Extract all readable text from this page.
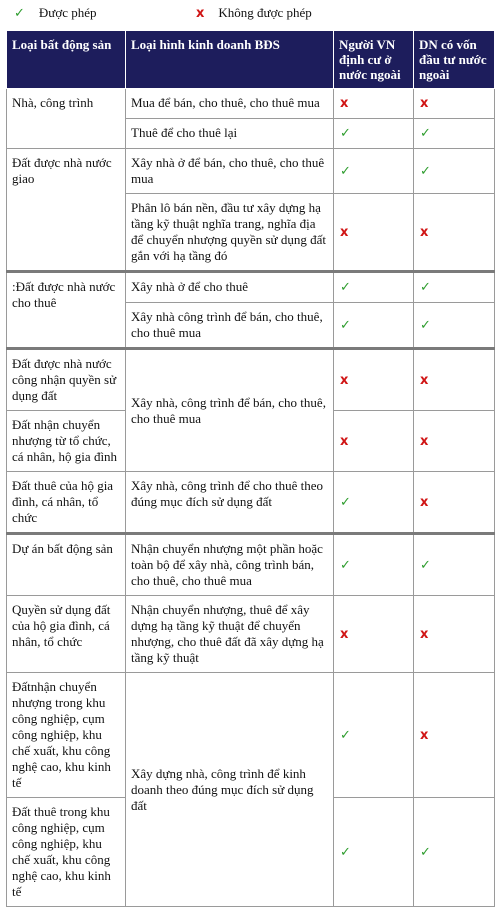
✓ Được phép	x Không được phép
Loại bất động sản	Loại hình kinh doanh BĐS	Người VN định cư ở nước ngoài	DN có vốn đầu tư nước ngoài
Nhà, công trình	Mua để bán, cho thuê, cho thuê mua	x	x
	Thuê để cho thuê lại	✓	✓
Đất được nhà nước giao	Xây nhà ở để bán, cho thuê, cho thuê mua	✓	✓
	Phân lô bán nền, đầu tư xây dựng hạ tầng kỹ thuật nghĩa trang, nghĩa địa để chuyển nhượng quyền sử dụng đất gắn với hạ tầng đó	x	x
:Đất được nhà nước cho thuê	Xây nhà ở để cho thuê	✓	✓
	Xây nhà công trình để bán, cho thuê, cho thuê mua	✓	✓
Đất được nhà nước công nhận quyền sử dụng đất	Xây nhà, công trình để bán, cho thuê, cho thuê mua	x	x
Đất nhận chuyển nhượng từ tổ chức, cá nhân, hộ gia đình		x	x
Đất thuê của hộ gia đình, cá nhân, tổ chức	Xây nhà, công trình để cho thuê theo đúng mục đích sử dụng đất	✓	x
Dự án bất động sản	Nhận chuyển nhượng một phần hoặc toàn bộ để xây nhà, công trình bán, cho thuê, cho thuê mua	✓	✓
Quyền sử dụng đất của hộ gia đình, cá nhân, tổ chức	Nhận chuyển nhượng, thuê để xây dựng hạ tầng kỹ thuật để chuyển nhượng, cho thuê đất đã xây dựng hạ tầng kỹ thuật	x	x
Đấtnhận chuyển nhượng trong khu công nghiệp, cụm công nghiệp, khu chế xuất, khu công nghệ cao, khu kinh tế	Xây dựng nhà, công trình để kinh doanh theo đúng mục đích sử dụng đất	✓	x
Đất thuê trong khu công nghiệp, cụm công nghiệp, khu chế xuất, khu công nghệ cao, khu kinh tế		✓	✓
